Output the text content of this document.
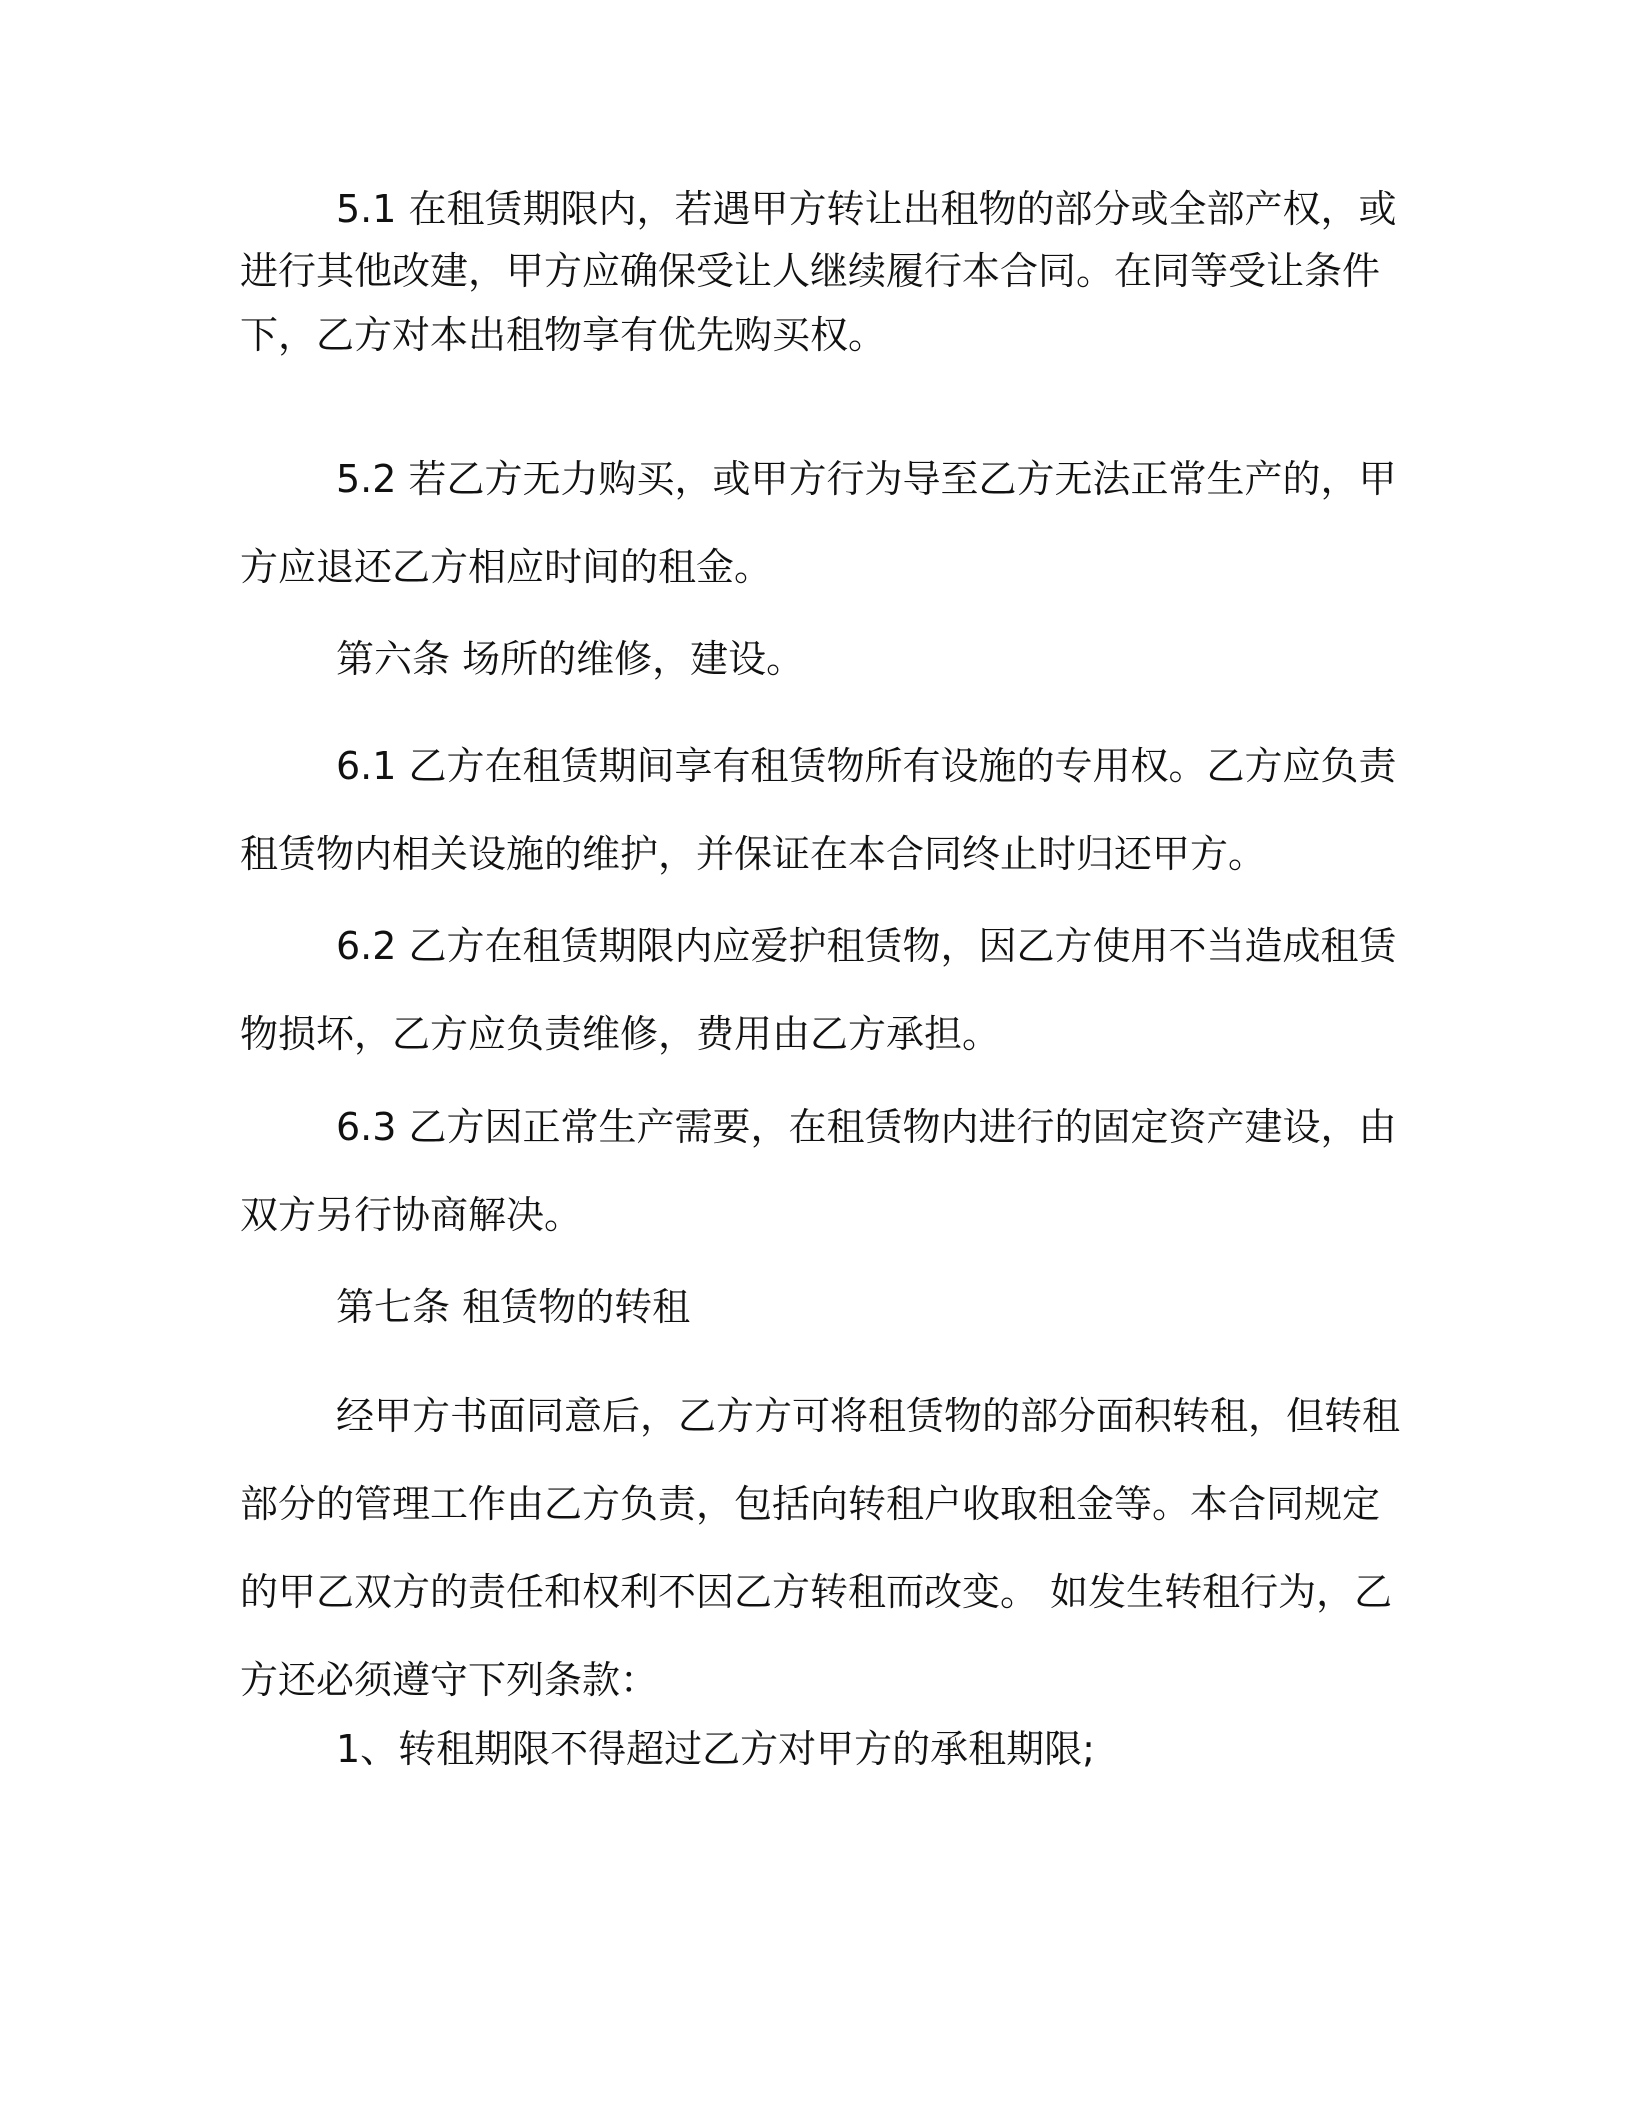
5.1 在租赁期限内，若遇甲方转让出租物的部分或全部产权，或
进行其他改建，甲方应确保受让人继续履行本合同。在同等受让条件
下，乙方对本出租物享有优先购买权。
5.2 若乙方无力购买，或甲方行为导至乙方无法正常生产的，甲
方应退还乙方相应时间的租金。
第六条 场所的维修，建设。
6.1 乙方在租赁期间享有租赁物所有设施的专用权。乙方应负责
租赁物内相关设施的维护，并保证在本合同终止时归还甲方。
6.2 乙方在租赁期限内应爱护租赁物，因乙方使用不当造成租赁
物损坏，乙方应负责维修，费用由乙方承担。
6.3 乙方因正常生产需要，在租赁物内进行的固定资产建设，由
双方另行协商解决。
第七条 租赁物的转租
经甲方书面同意后，乙方方可将租赁物的部分面积转租，但转租
部分的管理工作由乙方负责，包括向转租户收取租金等。本合同规定
的甲乙双方的责任和权利不因乙方转租而改变。 如发生转租行为，乙
方还必须遵守下列条款：
1、转租期限不得超过乙方对甲方的承租期限;
